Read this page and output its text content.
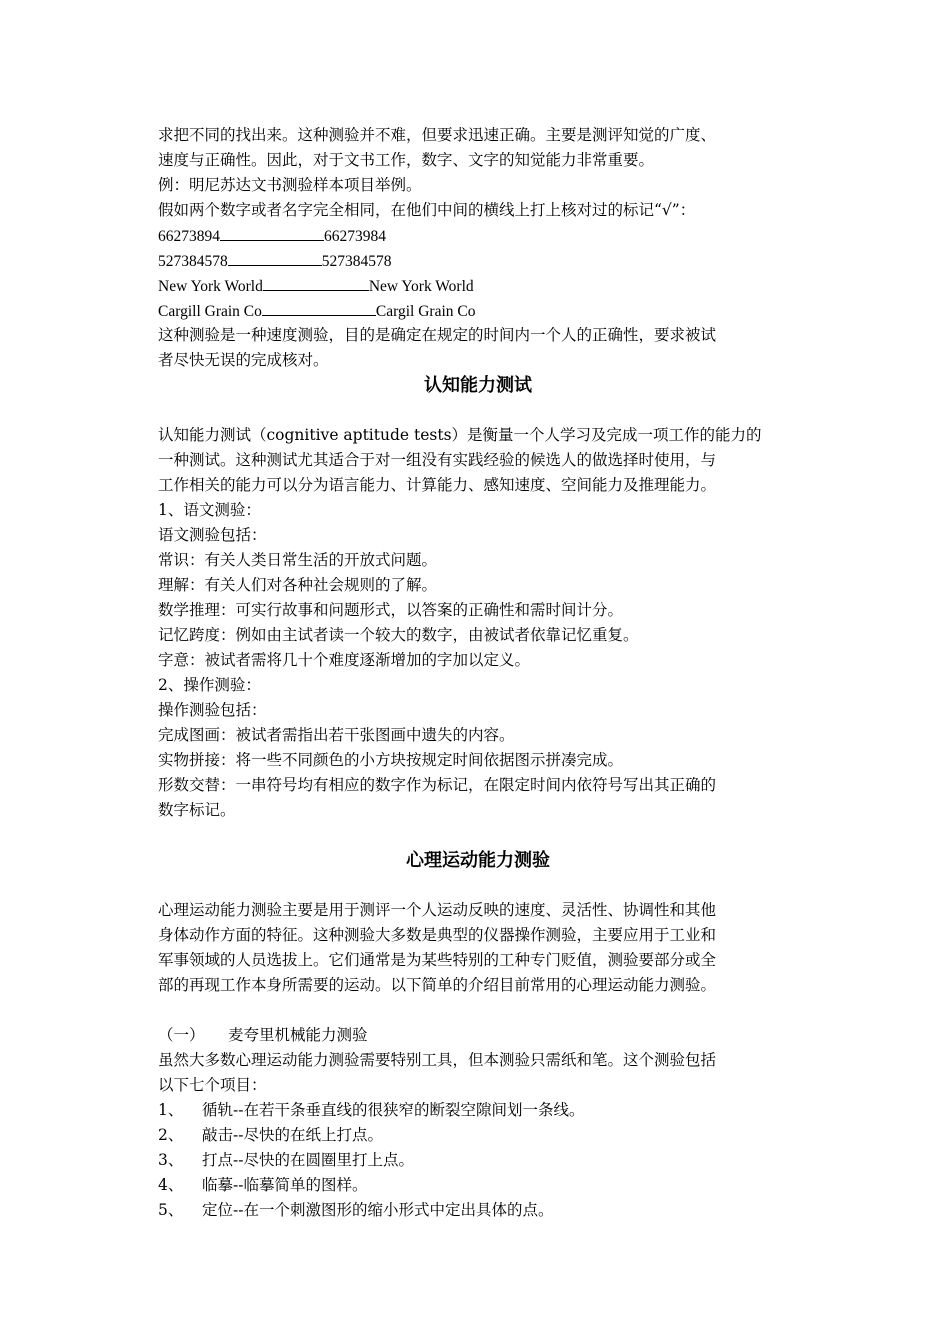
求把不同的找出来。这种测验并不难，但要求迅速正确。主要是测评知觉的广度、
速度与正确性。因此，对于文书工作，数字、文字的知觉能力非常重要。
例：明尼苏达文书测验样本项目举例。
假如两个数字或者名字完全相同，在他们中间的横线上打上核对过的标记“√”：
66273894	66273984
527384578	527384578
New York World	New York World
Cargill Grain Co	Cargil Grain Co
这种测验是一种速度测验，目的是确定在规定的时间内一个人的正确性，要求被试
者尽快无误的完成核对。
认知能力测试
认知能力测试（cognitive aptitude tests）是衡量一个人学习及完成一项工作的能力的
一种测试。这种测试尤其适合于对一组没有实践经验的候选人的做选择时使用，与
工作相关的能力可以分为语言能力、计算能力、感知速度、空间能力及推理能力。
1、语文测验：
语文测验包括：
常识：有关人类日常生活的开放式问题。
理解：有关人们对各种社会规则的了解。
数学推理：可实行故事和问题形式，以答案的正确性和需时间计分。
记忆跨度：例如由主试者读一个较大的数字，由被试者依靠记忆重复。
字意：被试者需将几十个难度逐渐增加的字加以定义。
2、操作测验：
操作测验包括：
完成图画：被试者需指出若干张图画中遗失的内容。
实物拼接：将一些不同颜色的小方块按规定时间依据图示拼凑完成。
形数交替：一串符号均有相应的数字作为标记，在限定时间内依符号写出其正确的
数字标记。
心理运动能力测验
心理运动能力测验主要是用于测评一个人运动反映的速度、灵活性、协调性和其他
身体动作方面的特征。这种测验大多数是典型的仪器操作测验，主要应用于工业和
军事领域的人员选拔上。它们通常是为某些特别的工种专门贬值，测验要部分或全
部的再现工作本身所需要的运动。以下简单的介绍目前常用的心理运动能力测验。
（一） 麦夸里机械能力测验
虽然大多数心理运动能力测验需要特别工具，但本测验只需纸和笔。这个测验包括
以下七个项目：
1、 循轨--在若干条垂直线的很狭窄的断裂空隙间划一条线。
2、 敲击--尽快的在纸上打点。
3、 打点--尽快的在圆圈里打上点。
4、 临摹--临摹简单的图样。
5、 定位--在一个刺激图形的缩小形式中定出具体的点。
